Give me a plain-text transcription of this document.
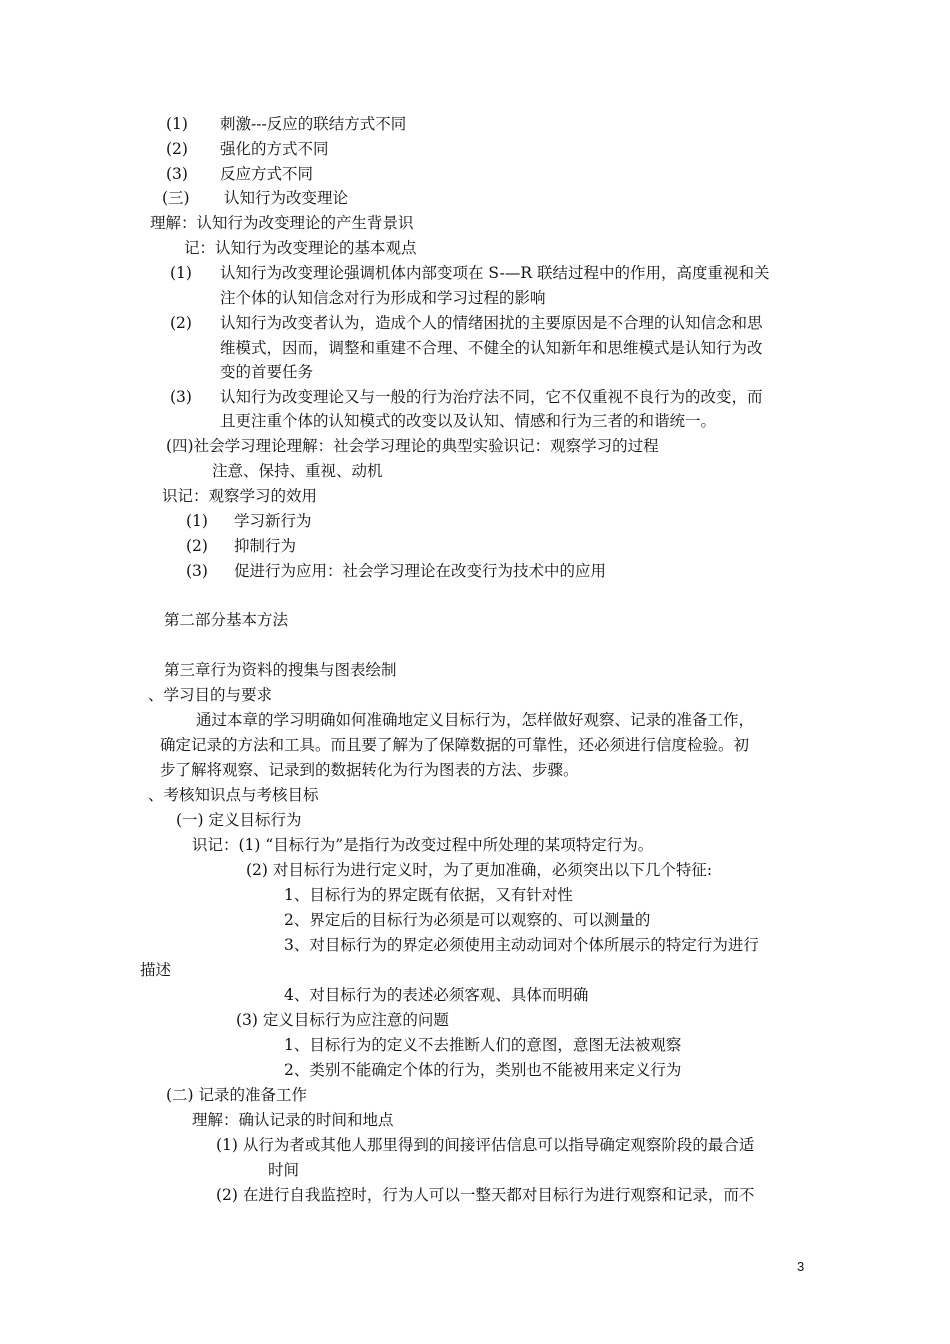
(1) 刺激---反应的联结方式不同
(2) 强化的方式不同
(3) 反应方式不同
(三) 认知行为改变理论
理解：认知行为改变理论的产生背景识
记：认知行为改变理论的基本观点
(1) 认知行为改变理论强调机体内部变项在 S-—R 联结过程中的作用，高度重视和关
注个体的认知信念对行为形成和学习过程的影响
(2) 认知行为改变者认为，造成个人的情绪困扰的主要原因是不合理的认知信念和思
维模式，因而，调整和重建不合理、不健全的认知新年和思维模式是认知行为改
变的首要任务
(3) 认知行为改变理论又与一般的行为治疗法不同，它不仅重视不良行为的改变，而
且更注重个体的认知模式的改变以及认知、情感和行为三者的和谐统一。
(四)社会学习理论理解：社会学习理论的典型实验识记：观察学习的过程
注意、保持、重视、动机
识记：观察学习的效用
(1) 学习新行为
(2) 抑制行为
(3) 促进行为应用：社会学习理论在改变行为技术中的应用
第二部分基本方法
第三章行为资料的搜集与图表绘制
、学习目的与要求
通过本章的学习明确如何准确地定义目标行为，怎样做好观察、记录的准备工作，
确定记录的方法和工具。而且要了解为了保障数据的可靠性，还必须进行信度检验。初
步了解将观察、记录到的数据转化为行为图表的方法、步骤。
、考核知识点与考核目标
(一) 定义目标行为
识记：(1) “目标行为”是指行为改变过程中所处理的某项特定行为。
(2) 对目标行为进行定义时，为了更加准确，必须突出以下几个特征:
1、目标行为的界定既有依据，又有针对性
2、界定后的目标行为必须是可以观察的、可以测量的
3、对目标行为的界定必须使用主动动词对个体所展示的特定行为进行
描述
4、对目标行为的表述必须客观、具体而明确
(3) 定义目标行为应注意的问题
1、目标行为的定义不去推断人们的意图，意图无法被观察
2、类别不能确定个体的行为，类别也不能被用来定义行为
(二) 记录的准备工作
理解：确认记录的时间和地点
(1) 从行为者或其他人那里得到的间接评估信息可以指导确定观察阶段的最合适
时间
(2) 在进行自我监控时，行为人可以一整天都对目标行为进行观察和记录，而不
3
